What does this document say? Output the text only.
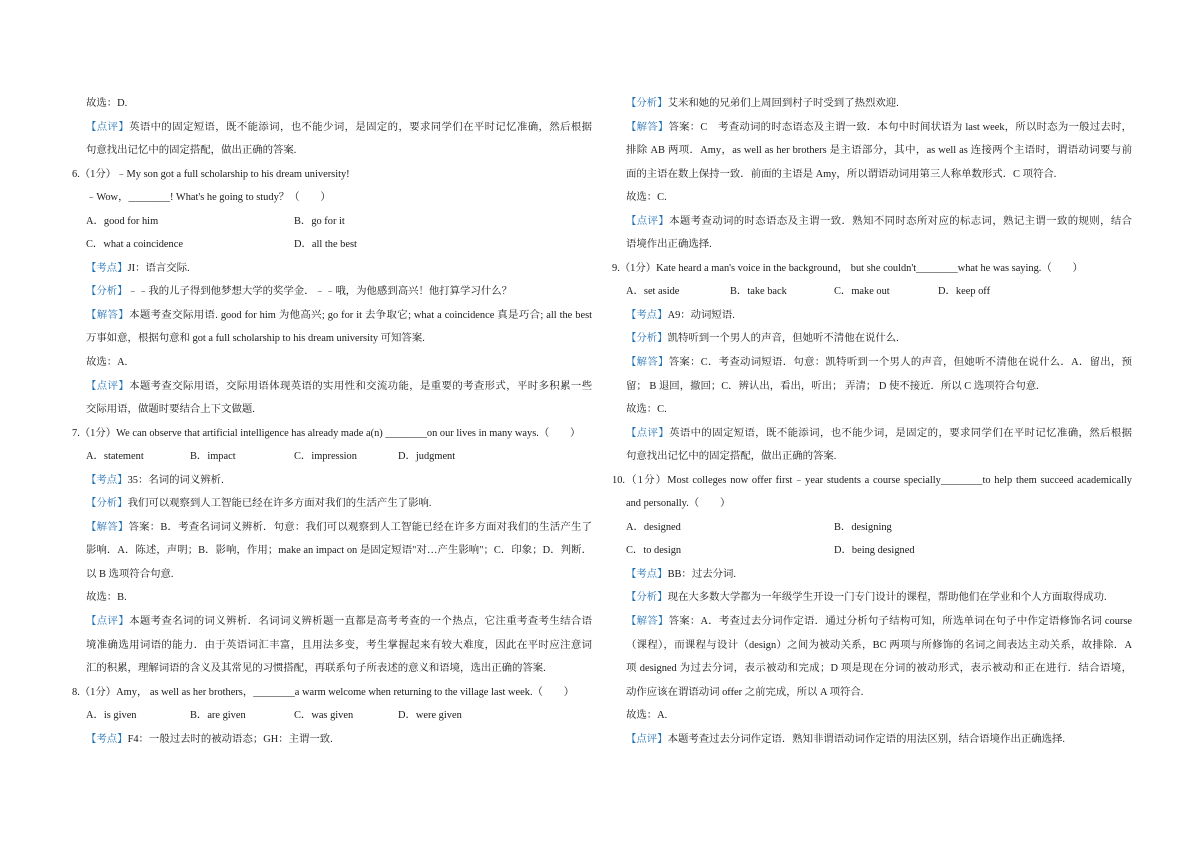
故选：D.
【点评】英语中的固定短语，既不能添词，也不能少词，是固定的，要求同学们在平时记忆准确，然后根据
句意找出记忆中的固定搭配，做出正确的答案.
6.（1分）﹣My son got a full scholarship to his dream university!
﹣Wow，________! What's he going to study？（　　）
A．good for him	B．go for it
C．what a coincidence	D．all the best
【考点】JI：语言交际.
【分析】﹣﹣我的儿子得到他梦想大学的奖学金．﹣﹣哦，为他感到高兴！他打算学习什么？
【解答】本题考查交际用语. good for him 为他高兴; go for it 去争取它; what a coincidence 真是巧合; all the best
万事如意，根据句意和 got a full scholarship to his dream university 可知答案.
故选：A.
【点评】本题考查交际用语，交际用语体现英语的实用性和交流功能，是重要的考查形式，平时多积累一些
交际用语，做题时要结合上下文做题.
7.（1分）We can observe that artificial intelligence has already made a(n) ________on our lives in many ways.（　　）
A．statement	B．impact	C．impression	D．judgment
【考点】35：名词的词义辨析.
【分析】我们可以观察到人工智能已经在许多方面对我们的生活产生了影响.
【解答】答案：B．考查名词词义辨析．句意：我们可以观察到人工智能已经在许多方面对我们的生活产生了
影响．A．陈述，声明；B．影响，作用；make an impact on 是固定短语"对…产生影响"；C．印象；D．判断．
以 B 选项符合句意.
故选：B.
【点评】本题考查名词的词义辨析．名词词义辨析题一直都是高考考查的一个热点，它注重考查考生结合语
境准确选用词语的能力．由于英语词汇丰富，且用法多变，考生掌握起来有较大难度，因此在平时应注意词
汇的积累，理解词语的含义及其常见的习惯搭配，再联系句子所表述的意义和语境，选出正确的答案.
8.（1分）Amy， as well as her brothers，________a warm welcome when returning to the village last week.（　　）
A．is given	B．are given	C．was given	D．were given
【考点】F4：一般过去时的被动语态；GH：主谓一致.
【分析】艾米和她的兄弟们上周回到村子时受到了热烈欢迎.
【解答】答案：C　考查动词的时态语态及主谓一致．本句中时间状语为 last week，所以时态为一般过去时，
排除 AB 两项．Amy，as well as her brothers 是主语部分，其中，as well as 连接两个主语时，谓语动词要与前
面的主语在数上保持一致．前面的主语是 Amy，所以谓语动词用第三人称单数形式．C 项符合.
故选：C.
【点评】本题考查动词的时态语态及主谓一致．熟知不同时态所对应的标志词，熟记主谓一致的规则，结合
语境作出正确选择.
9.（1分）Kate heard a man's voice in the background， but she couldn't________what he was saying.（　　）
A．set aside	B．take back	C．make out	D．keep off
【考点】A9：动词短语.
【分析】凯特听到一个男人的声音，但她听不清他在说什么.
【解答】答案：C．考查动词短语．句意：凯特听到一个男人的声音，但她听不清他在说什么．A．留出，预
留； B 退回，撤回；C．辨认出，看出，听出； 弄清； D 使不接近．所以 C 选项符合句意.
故选：C.
【点评】英语中的固定短语，既不能添词，也不能少词，是固定的，要求同学们在平时记忆准确，然后根据
句意找出记忆中的固定搭配，做出正确的答案.
10.（1分）Most colleges now offer first﹣year students a course specially________to help them succeed academically
and personally.（　　）
A．designed	B．designing
C．to design	D．being designed
【考点】BB：过去分词.
【分析】现在大多数大学都为一年级学生开设一门专门设计的课程，帮助他们在学业和个人方面取得成功.
【解答】答案：A．考查过去分词作定语．通过分析句子结构可知，所选单词在句子中作定语修饰名词 course
（课程），而课程与设计（design）之间为被动关系，BC 两项与所修饰的名词之间表达主动关系，故排除．A
项 designed 为过去分词，表示被动和完成；D 项是现在分词的被动形式，表示被动和正在进行．结合语境，
动作应该在谓语动词 offer 之前完成，所以 A 项符合.
故选：A.
【点评】本题考查过去分词作定语．熟知非谓语动词作定语的用法区别，结合语境作出正确选择.
